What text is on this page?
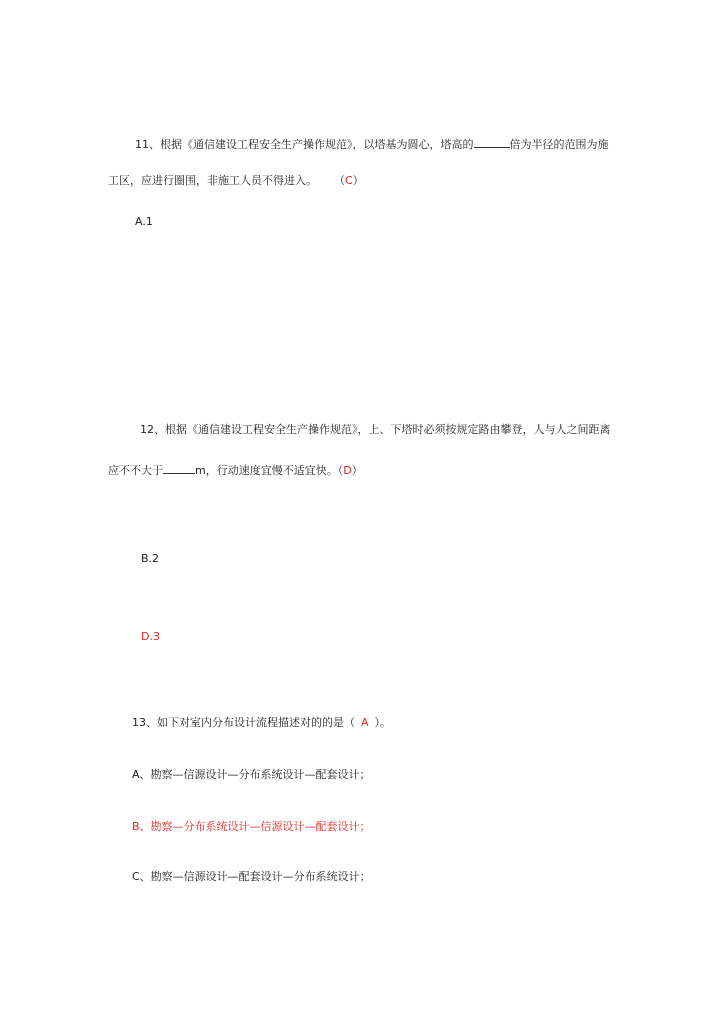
11、根据《通信建设工程安全生产操作规范》，以塔基为圆心，塔高的	倍为半径的范围为施
工区，应进行圈围，非施工人员不得进入。 （C）
A.1
12、根据《通信建设工程安全生产操作规范》，上、下塔时必须按规定路由攀登，人与人之间距离
应不不大于	m，行动速度宜慢不适宜快。（D）
B.2
D.3
13、如下对室内分布设计流程描述对的的是（ A ）。
A、勘察—信源设计—分布系统设计—配套设计；
B、勘察—分布系统设计—信源设计—配套设计；
C、勘察—信源设计—配套设计—分布系统设计；
